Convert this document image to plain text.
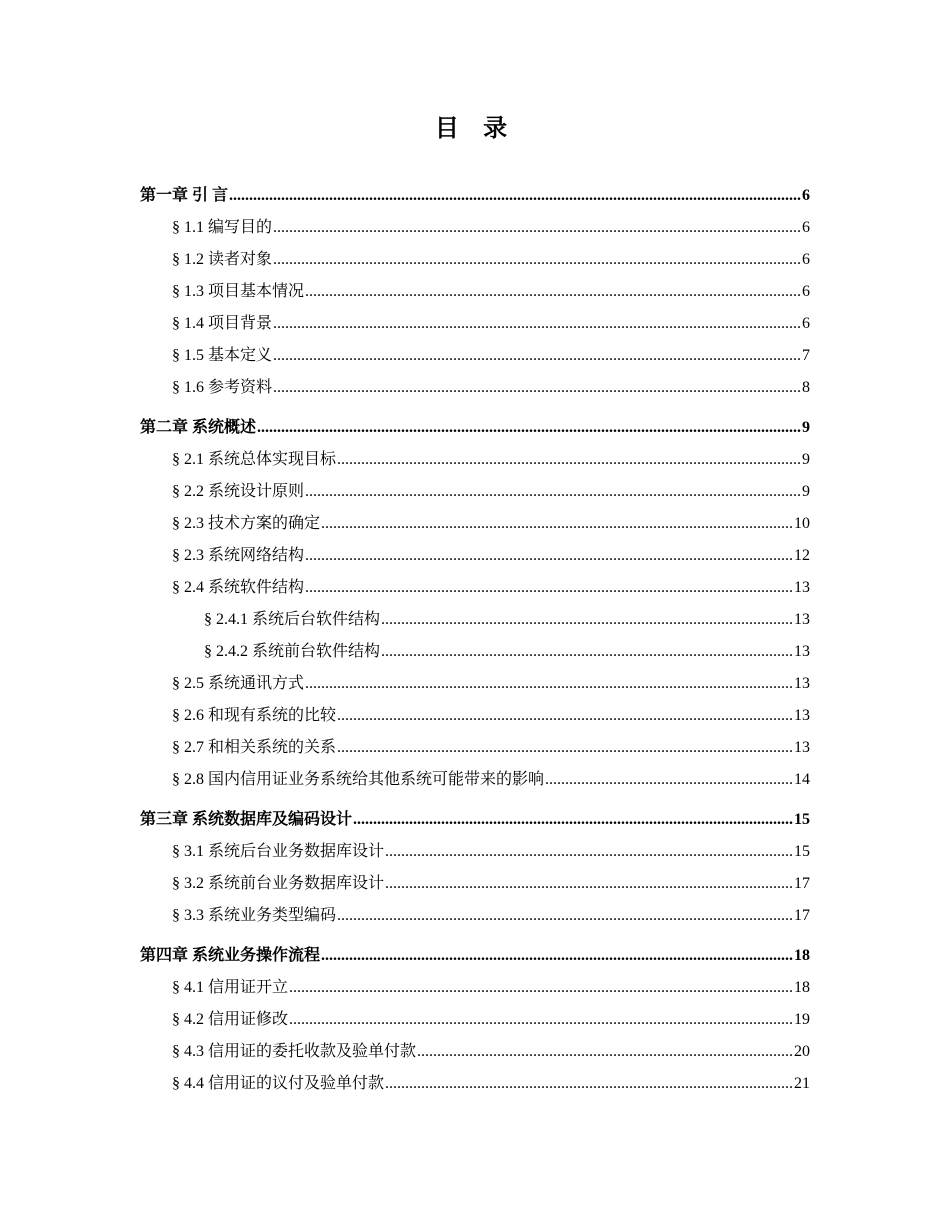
目 录
第一章 引 言 .....	6
§ 1.1 编写目的 .....	6
§ 1.2 读者对象 .....	6
§ 1.3 项目基本情况 .....	6
§ 1.4 项目背景 .....	6
§ 1.5 基本定义 .....	7
§ 1.6 参考资料 .....	8
第二章 系统概述 .....	9
§ 2.1 系统总体实现目标 .....	9
§ 2.2 系统设计原则 .....	9
§ 2.3 技术方案的确定 .....	10
§ 2.3 系统网络结构 .....	12
§ 2.4 系统软件结构 .....	13
§ 2.4.1 系统后台软件结构 .....	13
§ 2.4.2 系统前台软件结构 .....	13
§ 2.5 系统通讯方式 .....	13
§ 2.6 和现有系统的比较 .....	13
§ 2.7 和相关系统的关系 .....	13
§ 2.8 国内信用证业务系统给其他系统可能带来的影响 .....	14
第三章 系统数据库及编码设计 .....	15
§ 3.1 系统后台业务数据库设计 .....	15
§ 3.2 系统前台业务数据库设计 .....	17
§ 3.3 系统业务类型编码 .....	17
第四章 系统业务操作流程 .....	18
§ 4.1 信用证开立 .....	18
§ 4.2 信用证修改 .....	19
§ 4.3 信用证的委托收款及验单付款 .....	20
§ 4.4 信用证的议付及验单付款 .....	21
